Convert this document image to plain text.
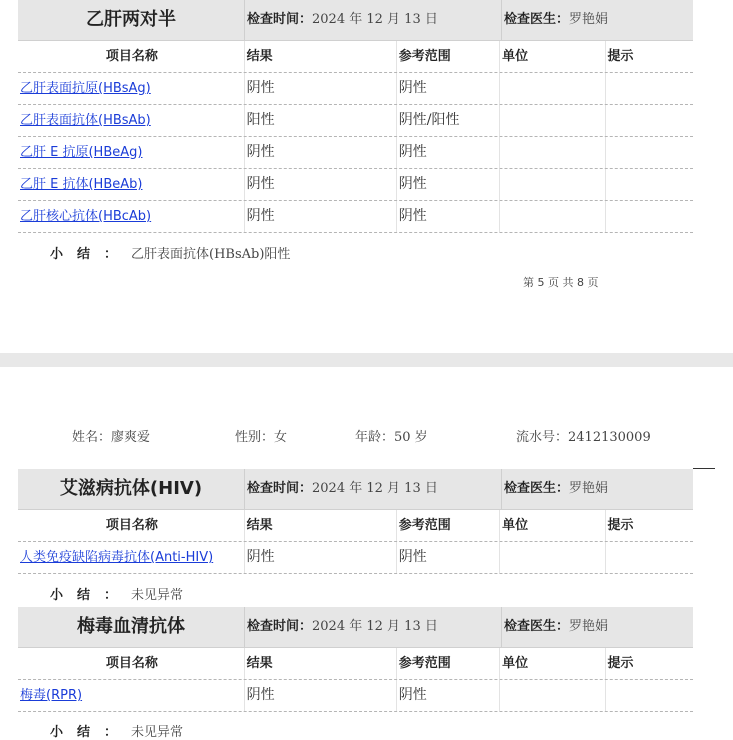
乙肝两对半	检查时间：2024 年 12 月 13 日	检查医生：罗艳娟
项目名称	结果	参考范围	单位	提示
乙肝表面抗原(HBsAg)	阴性	阴性
乙肝表面抗体(HBsAb)	阳性	阴性/阳性
乙肝 E 抗原(HBeAg)	阴性	阴性
乙肝 E 抗体(HBeAb)	阴性	阴性
乙肝核心抗体(HBcAb)	阴性	阴性
小结：乙肝表面抗体(HBsAb)阳性
第 5 页 共 8 页
姓名：廖爽爱	性别：女	年龄：50 岁	流水号：2412130009
艾滋病抗体(HIV)	检查时间：2024 年 12 月 13 日	检查医生：罗艳娟
项目名称	结果	参考范围	单位	提示
人类免疫缺陷病毒抗体(Anti-HIV)	阴性	阴性
小结：未见异常
梅毒血清抗体	检查时间：2024 年 12 月 13 日	检查医生：罗艳娟
项目名称	结果	参考范围	单位	提示
梅毒(RPR)	阴性	阴性
小结：未见异常
